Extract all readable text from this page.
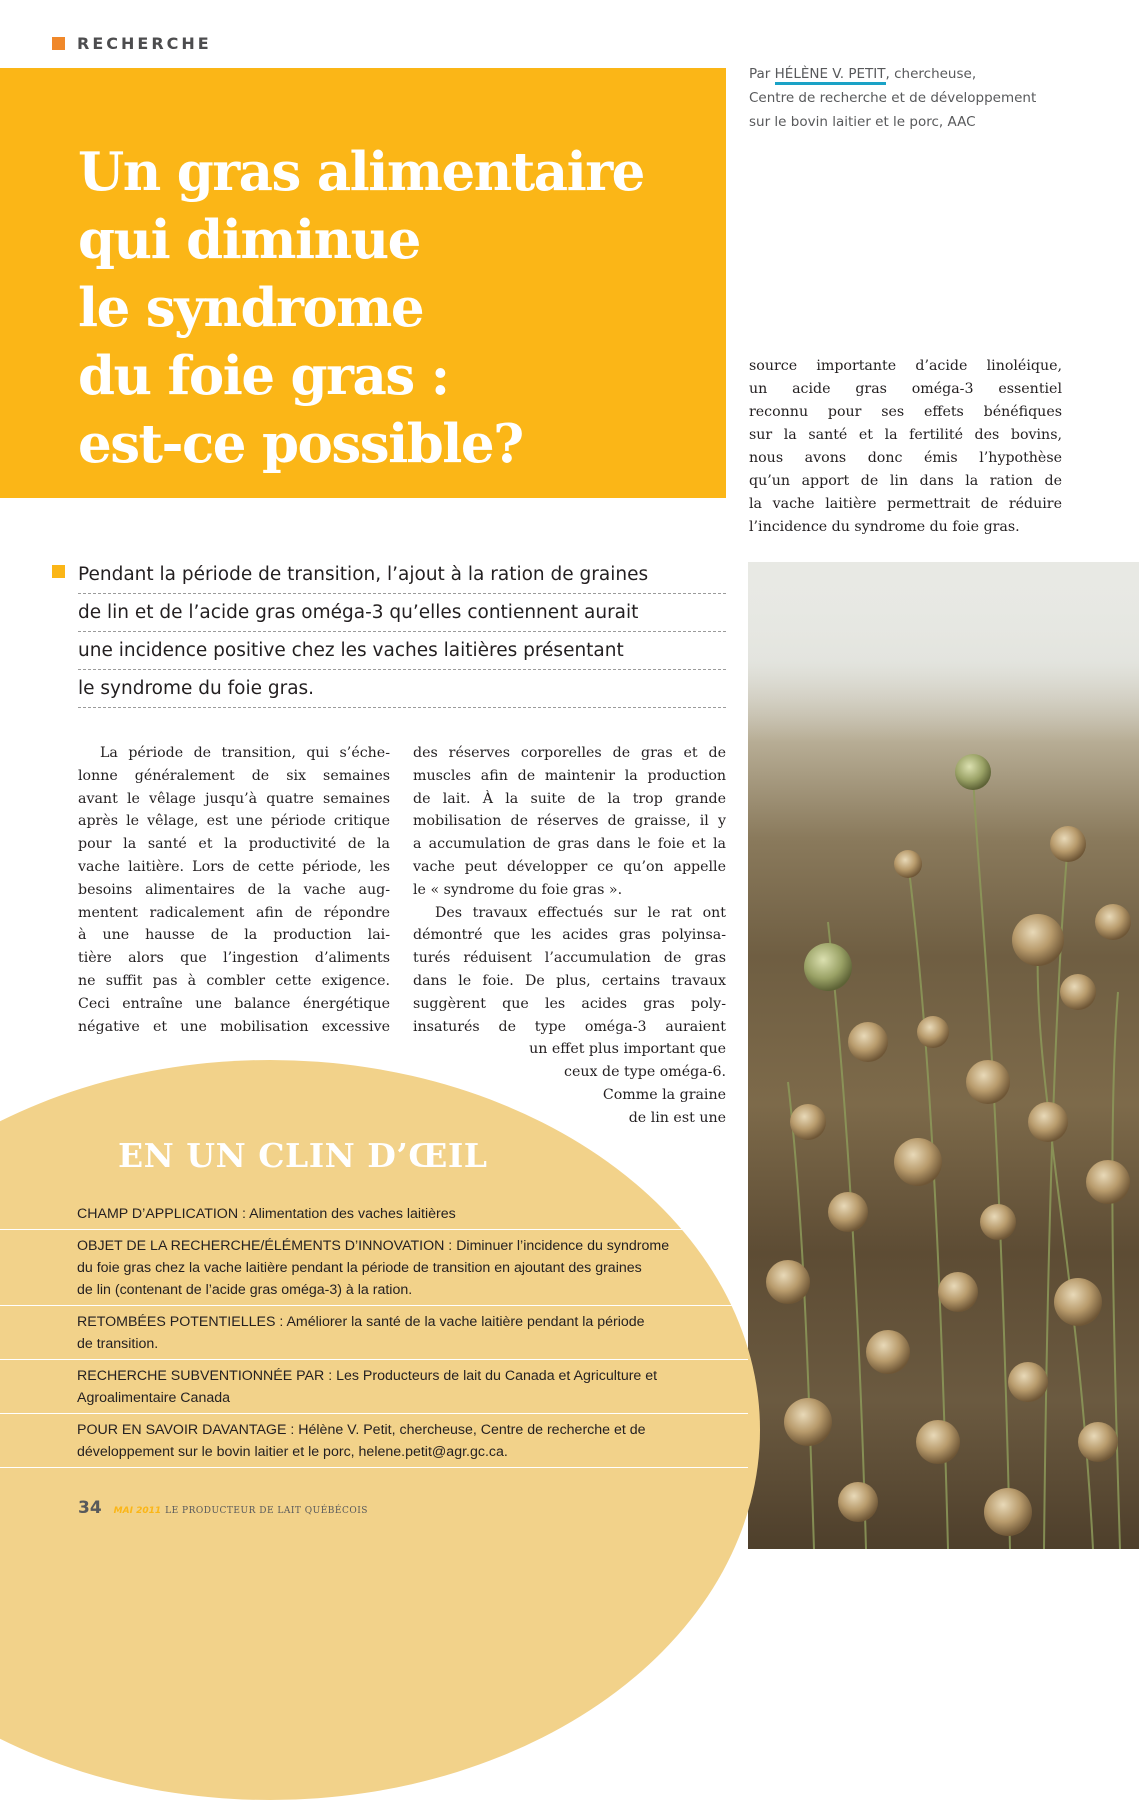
RECHERCHE
Un gras alimentaire
qui diminue
le syndrome
du foie gras :
est-ce possible?
Par HÉLÈNE V. PETIT, chercheuse,
Centre de recherche et de développement
sur le bovin laitier et le porc, AAC
source importante d’acide linoléique,
un acide gras oméga-3 essentiel
reconnu pour ses effets bénéfiques
sur la santé et la fertilité des bovins,
nous avons donc émis l’hypothèse
qu’un apport de lin dans la ration de
la vache laitière permettrait de réduire
l’incidence du syndrome du foie gras.
Pendant la période de transition, l’ajout à la ration de graines
de lin et de l’acide gras oméga-3 qu’elles contiennent aurait
une incidence positive chez les vaches laitières présentant
le syndrome du foie gras.
La période de transition, qui s’éche-
lonne généralement de six semaines
avant le vêlage jusqu’à quatre semaines
après le vêlage, est une période critique
pour la santé et la productivité de la
vache laitière. Lors de cette période, les
besoins alimentaires de la vache aug-
mentent radicalement afin de répondre
à une hausse de la production lai-
tière alors que l’ingestion d’aliments
ne suffit pas à combler cette exigence.
Ceci entraîne une balance énergétique
négative et une mobilisation excessive
des réserves corporelles de gras et de
muscles afin de maintenir la production
de lait. À la suite de la trop grande
mobilisation de réserves de graisse, il y
a accumulation de gras dans le foie et la
vache peut développer ce qu’on appelle
le « syndrome du foie gras ».
Des travaux effectués sur le rat ont
démontré que les acides gras polyinsa-
turés réduisent l’accumulation de gras
dans le foie. De plus, certains travaux
suggèrent que les acides gras poly-
insaturés de type oméga-3 auraient
un effet plus important que
ceux de type oméga-6.
Comme la graine
de lin est une
EN UN CLIN D’ŒIL
CHAMP D’APPLICATION : Alimentation des vaches laitières
OBJET DE LA RECHERCHE/ÉLÉMENTS D’INNOVATION : Diminuer l’incidence du syndrome
du foie gras chez la vache laitière pendant la période de transition en ajoutant des graines
de lin (contenant de l’acide gras oméga-3) à la ration.
RETOMBÉES POTENTIELLES : Améliorer la santé de la vache laitière pendant la période
de transition.
RECHERCHE SUBVENTIONNÉE PAR : Les Producteurs de lait du Canada et Agriculture et
Agroalimentaire Canada
POUR EN SAVOIR DAVANTAGE : Hélène V. Petit, chercheuse, Centre de recherche et de
développement sur le bovin laitier et le porc, helene.petit@agr.gc.ca.
34 MAI 2011 LE PRODUCTEUR DE LAIT QUÉBÉCOIS
